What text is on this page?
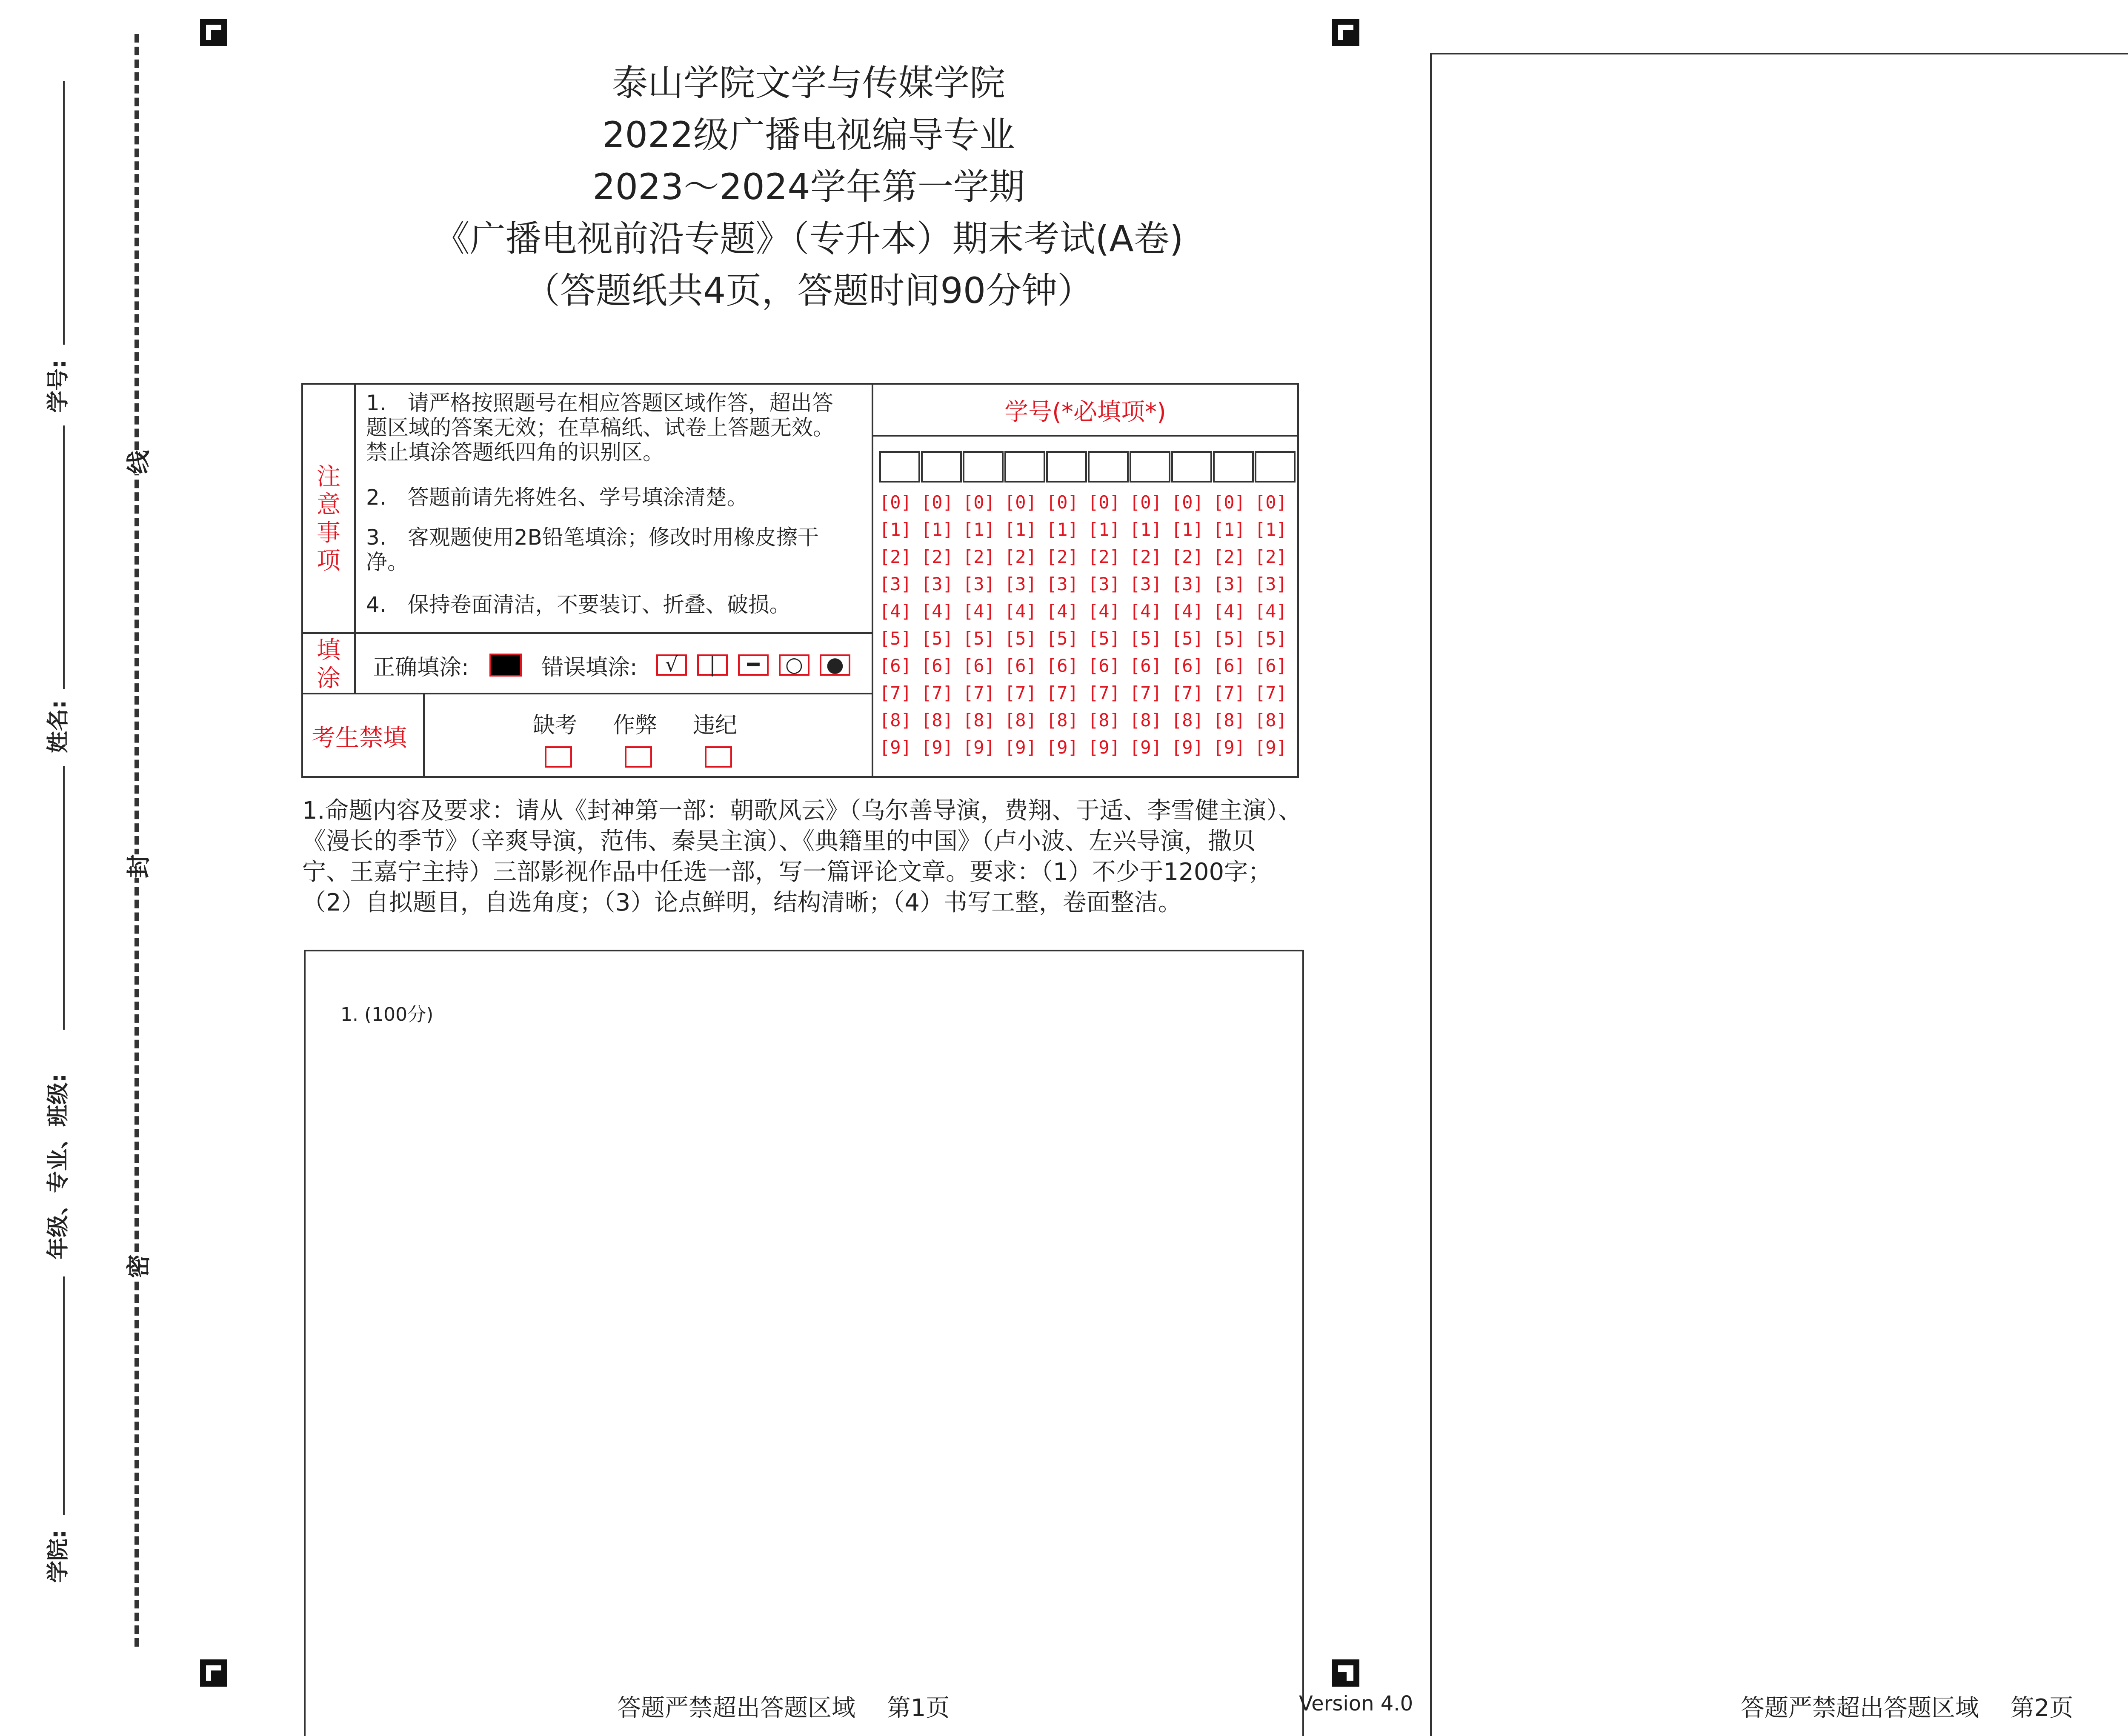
学号:
姓名:
年级、专业、班级:
学院:
线
封
密
泰山学院文学与传媒学院
2022级广播电视编导专业
2023～2024学年第一学期
《广播电视前沿专题》（专升本）期末考试(A卷)
（答题纸共4页，答题时间90分钟）
注意事项
1.　请严格按照题号在相应答题区域作答，超出答题区域的答案无效；在草稿纸、试卷上答题无效。禁止填涂答题纸四角的识别区。
2.　答题前请先将姓名、学号填涂清楚。
3.　客观题使用2B铅笔填涂；修改时用橡皮擦干净。
4.　保持卷面清洁，不要装订、折叠、破损。
填涂 正确填涂:	错误填涂:	√	|	━	○ ●
考生禁填	缺考 作弊 违纪
学号(*必填项*)
[0] [0] [0] [0] [0] [0] [0] [0] [0] [0]
[1] [1] [1] [1] [1] [1] [1] [1] [1] [1]
[2] [2] [2] [2] [2] [2] [2] [2] [2] [2]
[3] [3] [3] [3] [3] [3] [3] [3] [3] [3]
[4] [4] [4] [4] [4] [4] [4] [4] [4] [4]
[5] [5] [5] [5] [5] [5] [5] [5] [5] [5]
[6] [6] [6] [6] [6] [6] [6] [6] [6] [6]
[7] [7] [7] [7] [7] [7] [7] [7] [7] [7]
[8] [8] [8] [8] [8] [8] [8] [8] [8] [8]
[9] [9] [9] [9] [9] [9] [9] [9] [9] [9]
1.命题内容及要求：请从《封神第一部：朝歌风云》（乌尔善导演，费翔、于适、李雪健主演）、《漫长的季节》（辛爽导演，范伟、秦昊主演）、《典籍里的中国》（卢小波、左兴导演，撒贝宁、王嘉宁主持）三部影视作品中任选一部，写一篇评论文章。要求：（1）不少于1200字；（2）自拟题目，自选角度；（3）论点鲜明，结构清晰；（4）书写工整，卷面整洁。
1. (100分)
答题严禁超出答题区域　 第1页	Version 4.0	答题严禁超出答题区域　 第2页
